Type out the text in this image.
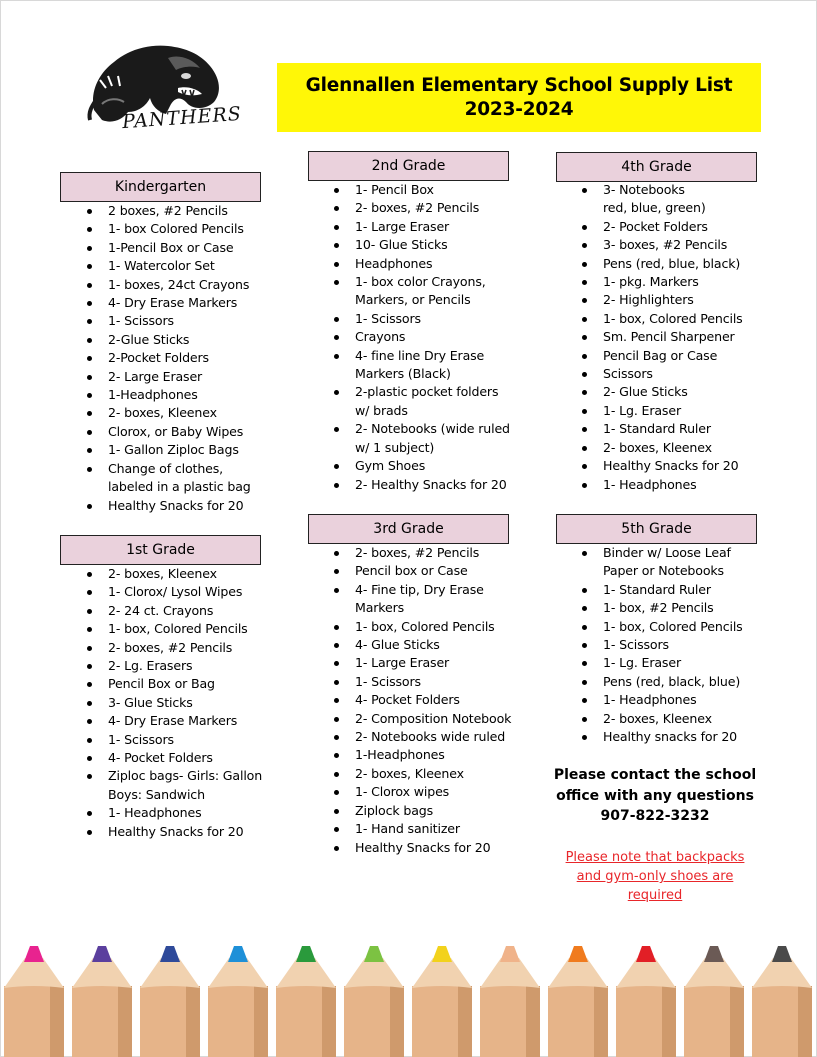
PANTHERS
Glennallen Elementary School Supply List
2023-2024
Kindergarten
2 boxes, #2 Pencils
1- box Colored Pencils
1-Pencil Box or Case
1- Watercolor Set
1- boxes, 24ct Crayons
4- Dry Erase Markers
1- Scissors
2-Glue Sticks
2-Pocket Folders
2- Large Eraser
1-Headphones
2- boxes, Kleenex
Clorox, or Baby Wipes
1- Gallon Ziploc Bags
Change of clothes,
labeled in a plastic bag
Healthy Snacks for 20
1st Grade
2- boxes, Kleenex
1- Clorox/ Lysol Wipes
2- 24 ct. Crayons
1- box, Colored Pencils
2- boxes, #2 Pencils
2- Lg. Erasers
Pencil Box or Bag
3- Glue Sticks
4- Dry Erase Markers
1- Scissors
4- Pocket Folders
Ziploc bags- Girls: Gallon
Boys: Sandwich
1- Headphones
Healthy Snacks for 20
2nd Grade
1- Pencil Box
2- boxes, #2 Pencils
1- Large Eraser
10- Glue Sticks
Headphones
1- box color Crayons,
Markers, or Pencils
1- Scissors
Crayons
4- fine line Dry Erase
Markers (Black)
2-plastic pocket folders
w/ brads
2- Notebooks (wide ruled
w/ 1 subject)
Gym Shoes
2- Healthy Snacks for 20
3rd Grade
2- boxes, #2 Pencils
Pencil box or Case
4- Fine tip, Dry Erase
Markers
1- box, Colored Pencils
4- Glue Sticks
1- Large Eraser
1- Scissors
4- Pocket Folders
2- Composition Notebook
2- Notebooks wide ruled
1-Headphones
2- boxes, Kleenex
1- Clorox wipes
Ziplock bags
1- Hand sanitizer
Healthy Snacks for 20
4th Grade
3- Notebooks
red, blue, green)
2- Pocket Folders
3- boxes, #2 Pencils
Pens (red, blue, black)
1- pkg. Markers
2- Highlighters
1- box, Colored Pencils
Sm. Pencil Sharpener
Pencil Bag or Case
Scissors
2- Glue Sticks
1- Lg. Eraser
1- Standard Ruler
2- boxes, Kleenex
Healthy Snacks for 20
1- Headphones
5th Grade
Binder w/ Loose Leaf
Paper or Notebooks
1- Standard Ruler
1- box, #2 Pencils
1- box, Colored Pencils
1- Scissors
1- Lg. Eraser
Pens (red, black, blue)
1- Headphones
2- boxes, Kleenex
Healthy snacks for 20
Please contact the school
office with any questions
907-822-3232
Please note that backpacks
and gym-only shoes are
required
